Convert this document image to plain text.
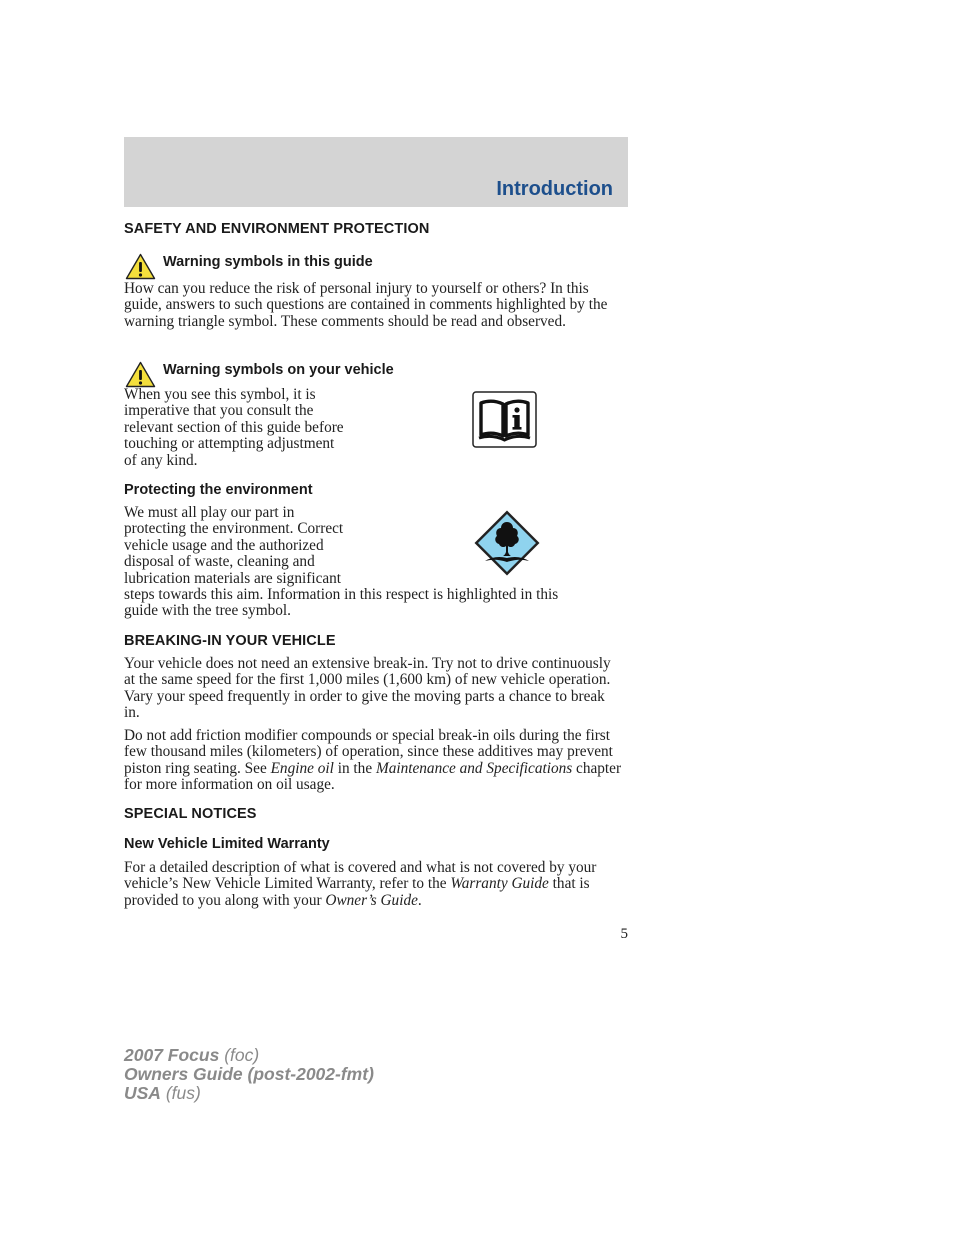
Introduction
SAFETY AND ENVIRONMENT PROTECTION
Warning symbols in this guide

How can you reduce the risk of personal injury to yourself or others? In this guide, answers to such questions are contained in comments highlighted by the warning triangle symbol. These comments should be read and observed.

Warning symbols on your vehicle

When you see this symbol, it is

imperative that you consult the

relevant section of this guide before

touching or attempting adjustment

of any kind.

Protecting the environment

We must all play our part in

protecting the environment. Correct

vehicle usage and the authorized

disposal of waste, cleaning and

lubrication materials are significant

steps towards this aim. Information in this respect is highlighted in this

guide with the tree symbol.

BREAKING-IN YOUR VEHICLE

Your vehicle does not need an extensive break-in. Try not to drive continuously at the same speed for the first 1,000 miles (1,600 km) of new vehicle operation. Vary your speed frequently in order to give the moving parts a chance to break in.

Do not add friction modifier compounds or special break-in oils during the first few thousand miles (kilometers) of operation, since these additives may prevent piston ring seating. See Engine oil in the Maintenance and Specifications chapter for more information on oil usage.

SPECIAL NOTICES
New Vehicle Limited Warranty

For a detailed description of what is covered and what is not covered by your vehicle’s New Vehicle Limited Warranty, refer to the Warranty Guide that is provided to you along with your Owner’s Guide.

5
2007 Focus (foc)
Owners Guide (post-2002-fmt)
USA (fus)
